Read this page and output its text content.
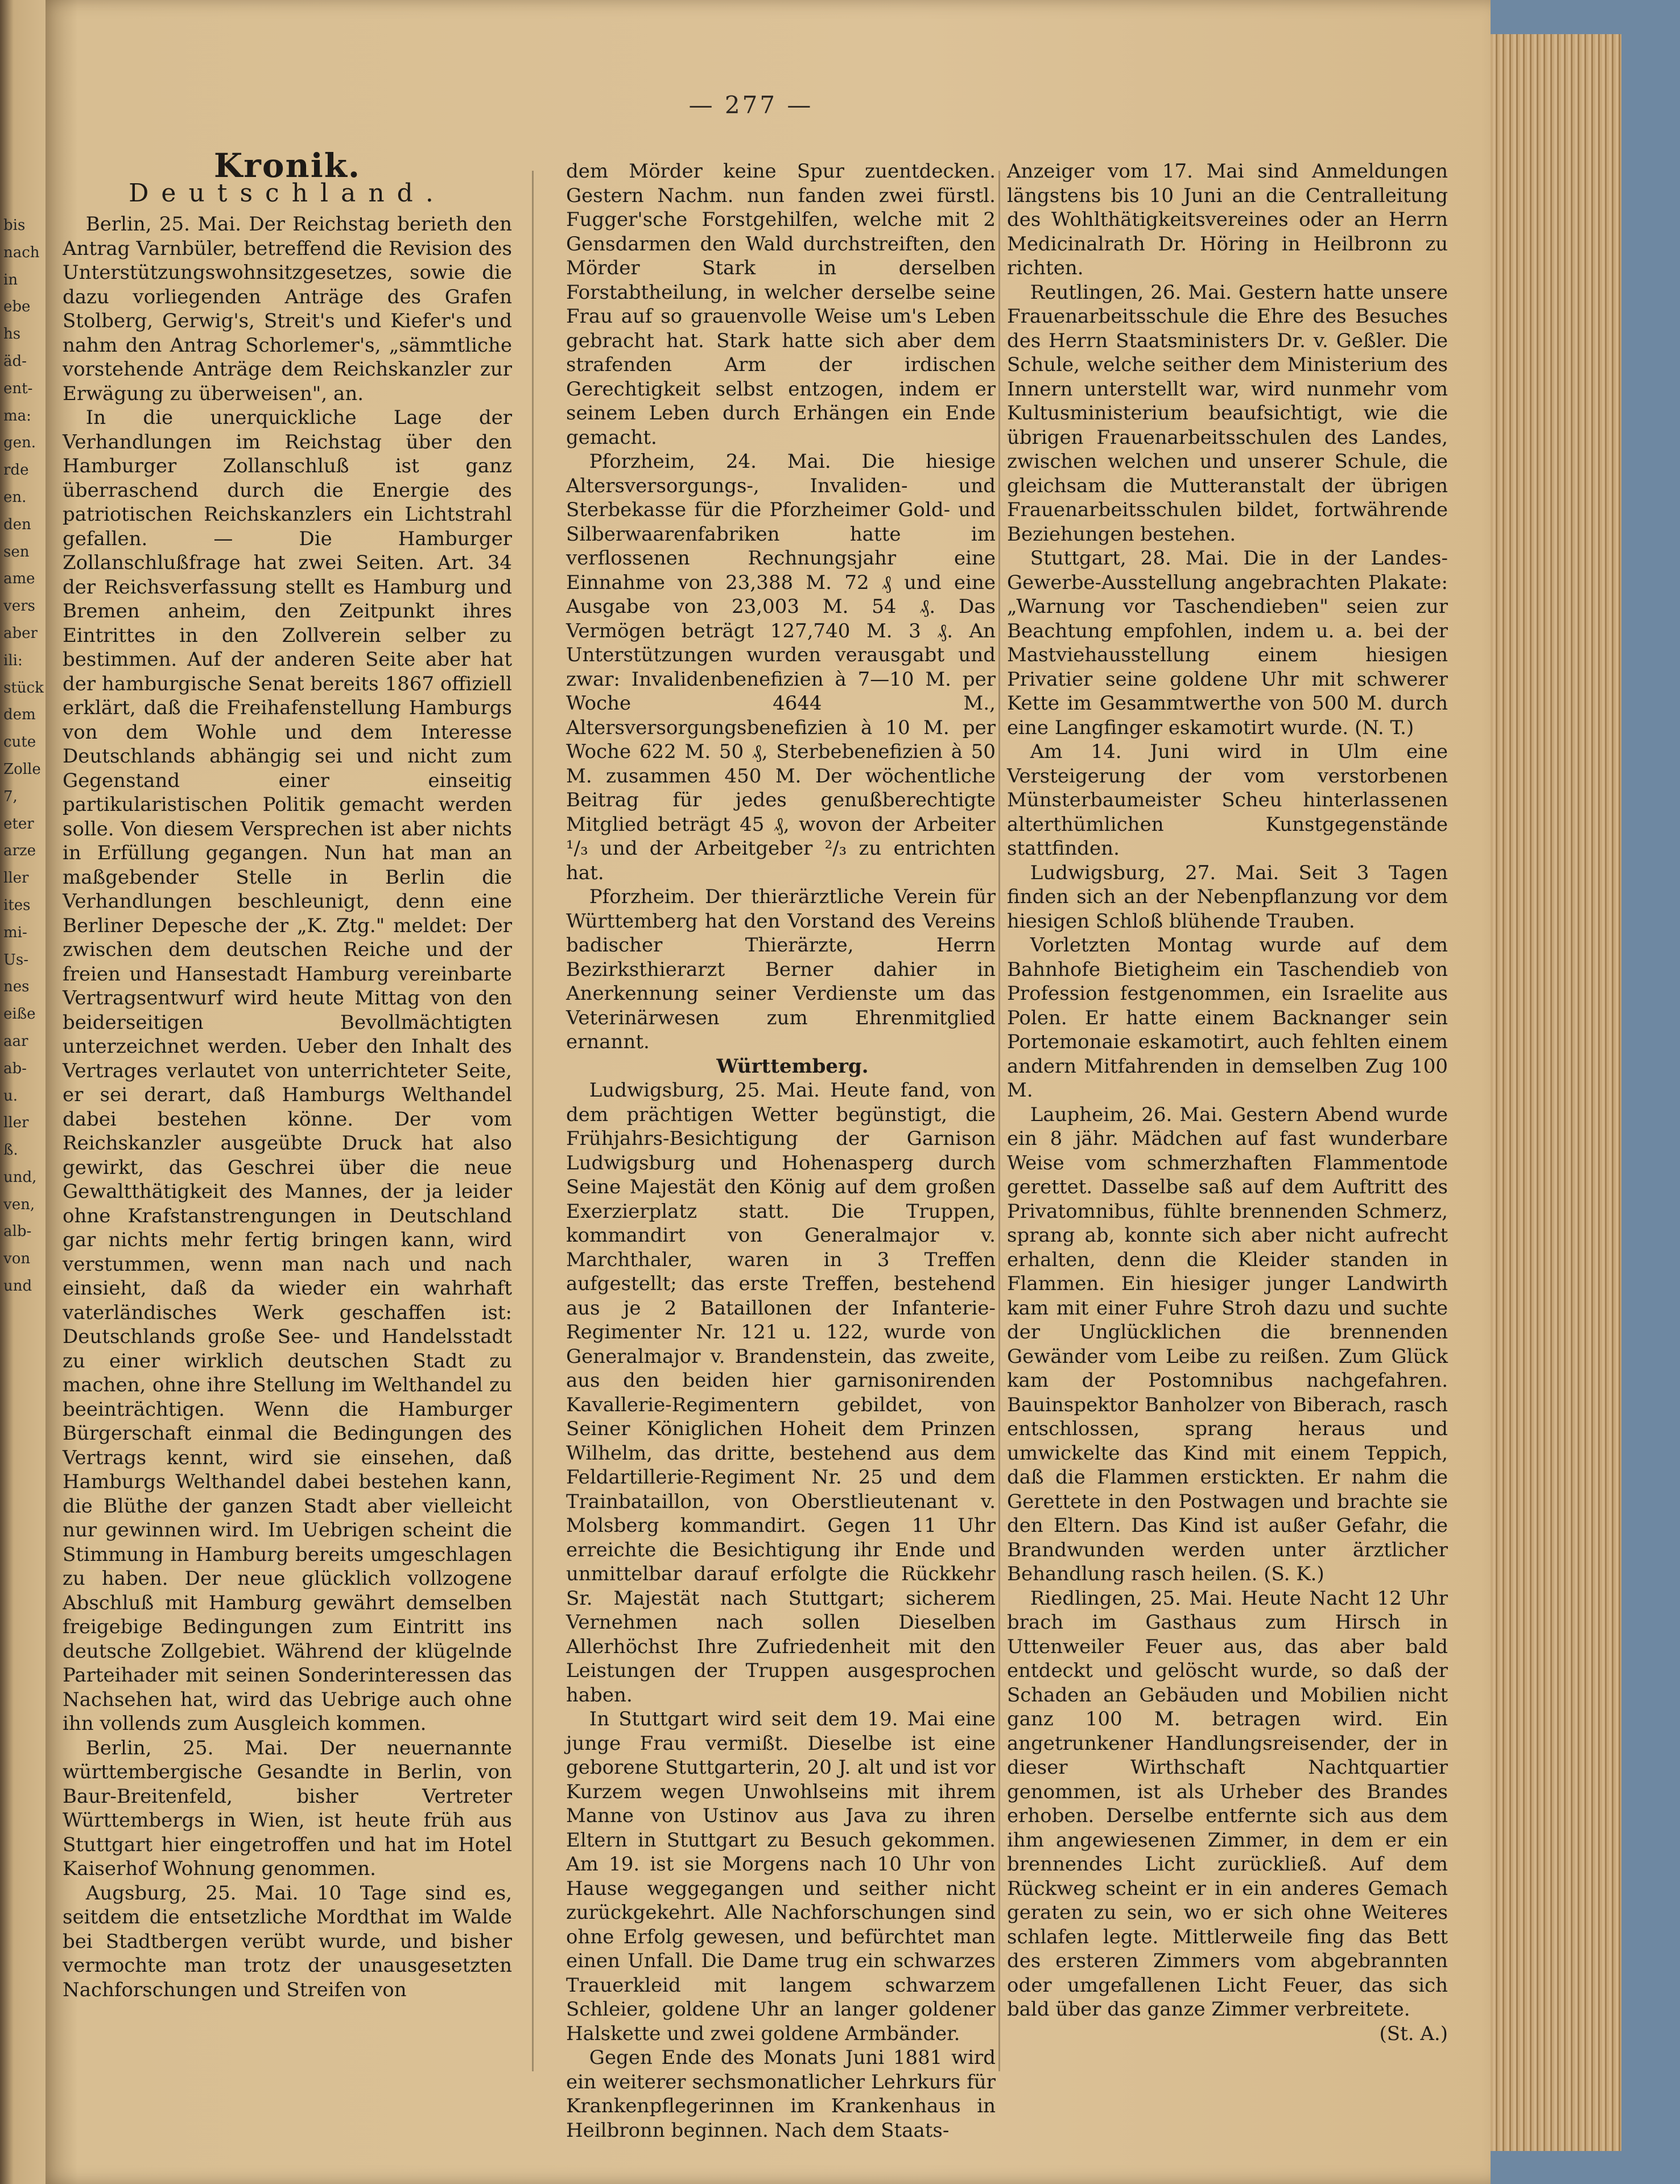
— 277 —
Kronik.
Deutschland.

Berlin, 25. Mai. Der Reichstag berieth den Antrag Varnbüler, betreffend die Revision des Unterstützungswohnsitzgesetzes, sowie die dazu vorliegenden Anträge des Grafen Stolberg, Gerwig's, Streit's und Kiefer's und nahm den Antrag Schorlemer's, „sämmtliche vorstehende Anträge dem Reichskanzler zur Erwägung zu überweisen", an.

In die unerquickliche Lage der Verhandlungen im Reichstag über den Hamburger Zollanschluß ist ganz überraschend durch die Energie des patriotischen Reichskanzlers ein Lichtstrahl gefallen. — Die Hamburger Zollanschlußfrage hat zwei Seiten. Art. 34 der Reichsverfassung stellt es Hamburg und Bremen anheim, den Zeitpunkt ihres Eintrittes in den Zollverein selber zu bestimmen. Auf der anderen Seite aber hat der hamburgische Senat bereits 1867 offiziell erklärt, daß die Freihafenstellung Hamburgs von dem Wohle und dem Interesse Deutschlands abhängig sei und nicht zum Gegenstand einer einseitig partikularistischen Politik gemacht werden solle. Von diesem Versprechen ist aber nichts in Erfüllung gegangen. Nun hat man an maßgebender Stelle in Berlin die Verhandlungen beschleunigt, denn eine Berliner Depesche der „K. Ztg." meldet: Der zwischen dem deutschen Reiche und der freien und Hansestadt Hamburg vereinbarte Vertragsentwurf wird heute Mittag von den beiderseitigen Bevollmächtigten unterzeichnet werden. Ueber den Inhalt des Vertrages verlautet von unterrichteter Seite, er sei derart, daß Hamburgs Welthandel dabei bestehen könne. Der vom Reichskanzler ausgeübte Druck hat also gewirkt, das Geschrei über die neue Gewaltthätigkeit des Mannes, der ja leider ohne Krafstanstrengungen in Deutschland gar nichts mehr fertig bringen kann, wird verstummen, wenn man nach und nach einsieht, daß da wieder ein wahrhaft vaterländisches Werk geschaffen ist: Deutschlands große See- und Handelsstadt zu einer wirklich deutschen Stadt zu machen, ohne ihre Stellung im Welthandel zu beeinträchtigen. Wenn die Hamburger Bürgerschaft einmal die Bedingungen des Vertrags kennt, wird sie einsehen, daß Hamburgs Welthandel dabei bestehen kann, die Blüthe der ganzen Stadt aber vielleicht nur gewinnen wird. Im Uebrigen scheint die Stimmung in Hamburg bereits umgeschlagen zu haben. Der neue glücklich vollzogene Abschluß mit Hamburg gewährt demselben freigebige Bedingungen zum Eintritt ins deutsche Zollgebiet. Während der klügelnde Parteihader mit seinen Sonderinteressen das Nachsehen hat, wird das Uebrige auch ohne ihn vollends zum Ausgleich kommen.

Berlin, 25. Mai. Der neuernannte württembergische Gesandte in Berlin, von Baur-Breitenfeld, bisher Vertreter Württembergs in Wien, ist heute früh aus Stuttgart hier eingetroffen und hat im Hotel Kaiserhof Wohnung genommen.

Augsburg, 25. Mai. 10 Tage sind es, seitdem die entsetzliche Mordthat im Walde bei Stadtbergen verübt wurde, und bisher vermochte man trotz der unausgesetzten Nachforschungen und Streifen von

dem Mörder keine Spur zuentdecken. Gestern Nachm. nun fanden zwei fürstl. Fugger'sche Forstgehilfen, welche mit 2 Gensdarmen den Wald durchstreiften, den Mörder Stark in derselben Forstabtheilung, in welcher derselbe seine Frau auf so grauenvolle Weise um's Leben gebracht hat. Stark hatte sich aber dem strafenden Arm der irdischen Gerechtigkeit selbst entzogen, indem er seinem Leben durch Erhängen ein Ende gemacht.

Pforzheim, 24. Mai. Die hiesige Altersversorgungs-, Invaliden- und Sterbekasse für die Pforzheimer Gold- und Silberwaarenfabriken hatte im verflossenen Rechnungsjahr eine Einnahme von 23,388 M. 72 ₰ und eine Ausgabe von 23,003 M. 54 ₰. Das Vermögen beträgt 127,740 M. 3 ₰. An Unterstützungen wurden verausgabt und zwar: Invalidenbenefizien à 7—10 M. per Woche 4644 M., Altersversorgungsbenefizien à 10 M. per Woche 622 M. 50 ₰, Sterbebenefizien à 50 M. zusammen 450 M. Der wöchentliche Beitrag für jedes genußberechtigte Mitglied beträgt 45 ₰, wovon der Arbeiter ¹/₃ und der Arbeitgeber ²/₃ zu entrichten hat.

Pforzheim. Der thierärztliche Verein für Württemberg hat den Vorstand des Vereins badischer Thierärzte, Herrn Bezirksthierarzt Berner dahier in Anerkennung seiner Verdienste um das Veterinärwesen zum Ehrenmitglied ernannt.

Württemberg.

Ludwigsburg, 25. Mai. Heute fand, von dem prächtigen Wetter begünstigt, die Frühjahrs-Besichtigung der Garnison Ludwigsburg und Hohenasperg durch Seine Majestät den König auf dem großen Exerzierplatz statt. Die Truppen, kommandirt von Generalmajor v. Marchthaler, waren in 3 Treffen aufgestellt; das erste Treffen, bestehend aus je 2 Bataillonen der Infanterie-Regimenter Nr. 121 u. 122, wurde von Generalmajor v. Brandenstein, das zweite, aus den beiden hier garnisonirenden Kavallerie-Regimentern gebildet, von Seiner Königlichen Hoheit dem Prinzen Wilhelm, das dritte, bestehend aus dem Feldartillerie-Regiment Nr. 25 und dem Trainbataillon, von Oberstlieutenant v. Molsberg kommandirt. Gegen 11 Uhr erreichte die Besichtigung ihr Ende und unmittelbar darauf erfolgte die Rückkehr Sr. Majestät nach Stuttgart; sicherem Vernehmen nach sollen Dieselben Allerhöchst Ihre Zufriedenheit mit den Leistungen der Truppen ausgesprochen haben.

In Stuttgart wird seit dem 19. Mai eine junge Frau vermißt. Dieselbe ist eine geborene Stuttgarterin, 20 J. alt und ist vor Kurzem wegen Unwohlseins mit ihrem Manne von Ustinov aus Java zu ihren Eltern in Stuttgart zu Besuch gekommen. Am 19. ist sie Morgens nach 10 Uhr von Hause weggegangen und seither nicht zurückgekehrt. Alle Nachforschungen sind ohne Erfolg gewesen, und befürchtet man einen Unfall. Die Dame trug ein schwarzes Trauerkleid mit langem schwarzem Schleier, goldene Uhr an langer goldener Halskette und zwei goldene Armbänder.

Gegen Ende des Monats Juni 1881 wird ein weiterer sechsmonatlicher Lehrkurs für Krankenpflegerinnen im Krankenhaus in Heilbronn beginnen. Nach dem Staats-

Anzeiger vom 17. Mai sind Anmeldungen längstens bis 10 Juni an die Centralleitung des Wohlthätigkeitsvereines oder an Herrn Medicinalrath Dr. Höring in Heilbronn zu richten.

Reutlingen, 26. Mai. Gestern hatte unsere Frauenarbeitsschule die Ehre des Besuches des Herrn Staatsministers Dr. v. Geßler. Die Schule, welche seither dem Ministerium des Innern unterstellt war, wird nunmehr vom Kultusministerium beaufsichtigt, wie die übrigen Frauenarbeitsschulen des Landes, zwischen welchen und unserer Schule, die gleichsam die Mutteranstalt der übrigen Frauenarbeitsschulen bildet, fortwährende Beziehungen bestehen.

Stuttgart, 28. Mai. Die in der Landes-Gewerbe-Ausstellung angebrachten Plakate: „Warnung vor Taschendieben" seien zur Beachtung empfohlen, indem u. a. bei der Mastviehausstellung einem hiesigen Privatier seine goldene Uhr mit schwerer Kette im Gesammtwerthe von 500 M. durch eine Langfinger eskamotirt wurde. (N. T.)

Am 14. Juni wird in Ulm eine Versteigerung der vom verstorbenen Münsterbaumeister Scheu hinterlassenen alterthümlichen Kunstgegenstände stattfinden.

Ludwigsburg, 27. Mai. Seit 3 Tagen finden sich an der Nebenpflanzung vor dem hiesigen Schloß blühende Trauben.

Vorletzten Montag wurde auf dem Bahnhofe Bietigheim ein Taschendieb von Profession festgenommen, ein Israelite aus Polen. Er hatte einem Backnanger sein Portemonaie eskamotirt, auch fehlten einem andern Mitfahrenden in demselben Zug 100 M.

Laupheim, 26. Mai. Gestern Abend wurde ein 8 jähr. Mädchen auf fast wunderbare Weise vom schmerzhaften Flammentode gerettet. Dasselbe saß auf dem Auftritt des Privatomnibus, fühlte brennenden Schmerz, sprang ab, konnte sich aber nicht aufrecht erhalten, denn die Kleider standen in Flammen. Ein hiesiger junger Landwirth kam mit einer Fuhre Stroh dazu und suchte der Unglücklichen die brennenden Gewänder vom Leibe zu reißen. Zum Glück kam der Postomnibus nachgefahren. Bauinspektor Banholzer von Biberach, rasch entschlossen, sprang heraus und umwickelte das Kind mit einem Teppich, daß die Flammen erstickten. Er nahm die Gerettete in den Postwagen und brachte sie den Eltern. Das Kind ist außer Gefahr, die Brandwunden werden unter ärztlicher Behandlung rasch heilen. (S. K.)

Riedlingen, 25. Mai. Heute Nacht 12 Uhr brach im Gasthaus zum Hirsch in Uttenweiler Feuer aus, das aber bald entdeckt und gelöscht wurde, so daß der Schaden an Gebäuden und Mobilien nicht ganz 100 M. betragen wird. Ein angetrunkener Handlungsreisender, der in dieser Wirthschaft Nachtquartier genommen, ist als Urheber des Brandes erhoben. Derselbe entfernte sich aus dem ihm angewiesenen Zimmer, in dem er ein brennendes Licht zurückließ. Auf dem Rückweg scheint er in ein anderes Gemach geraten zu sein, wo er sich ohne Weiteres schlafen legte. Mittlerweile fing das Bett des ersteren Zimmers vom abgebrannten oder umgefallenen Licht Feuer, das sich bald über das ganze Zimmer verbreitete.

(St. A.)

bis
nach
in
ebe
hs
äd-
ent-
ma:
gen.
rde
en.
den
sen
ame
vers
aber
ili:
stück
dem
cute
Zolle
7,
eter
arze
ller
ites
mi-
Us-
nes
eiße
aar
ab-
u.
ller
ß.
und,
ven,
alb-
von
und
